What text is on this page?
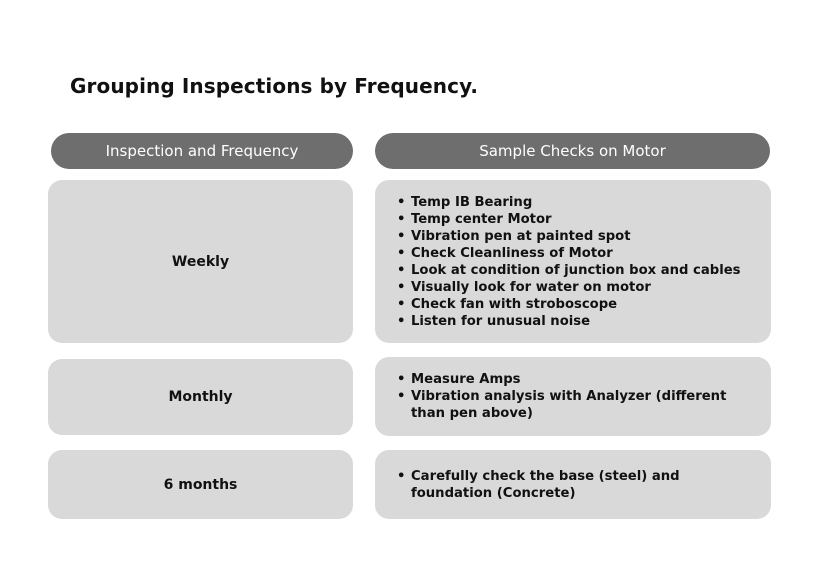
Grouping Inspections by Frequency.
Inspection and Frequency	Sample Checks on Motor
Weekly
• Temp IB Bearing
• Temp center Motor
• Vibration pen at painted spot
• Check Cleanliness of Motor
• Look at condition of junction box and cables
• Visually look for water on motor
• Check fan with stroboscope
• Listen for unusual noise
Monthly
• Measure Amps
• Vibration analysis with Analyzer (different than pen above)
6 months
• Carefully check the base (steel) and foundation (Concrete)
